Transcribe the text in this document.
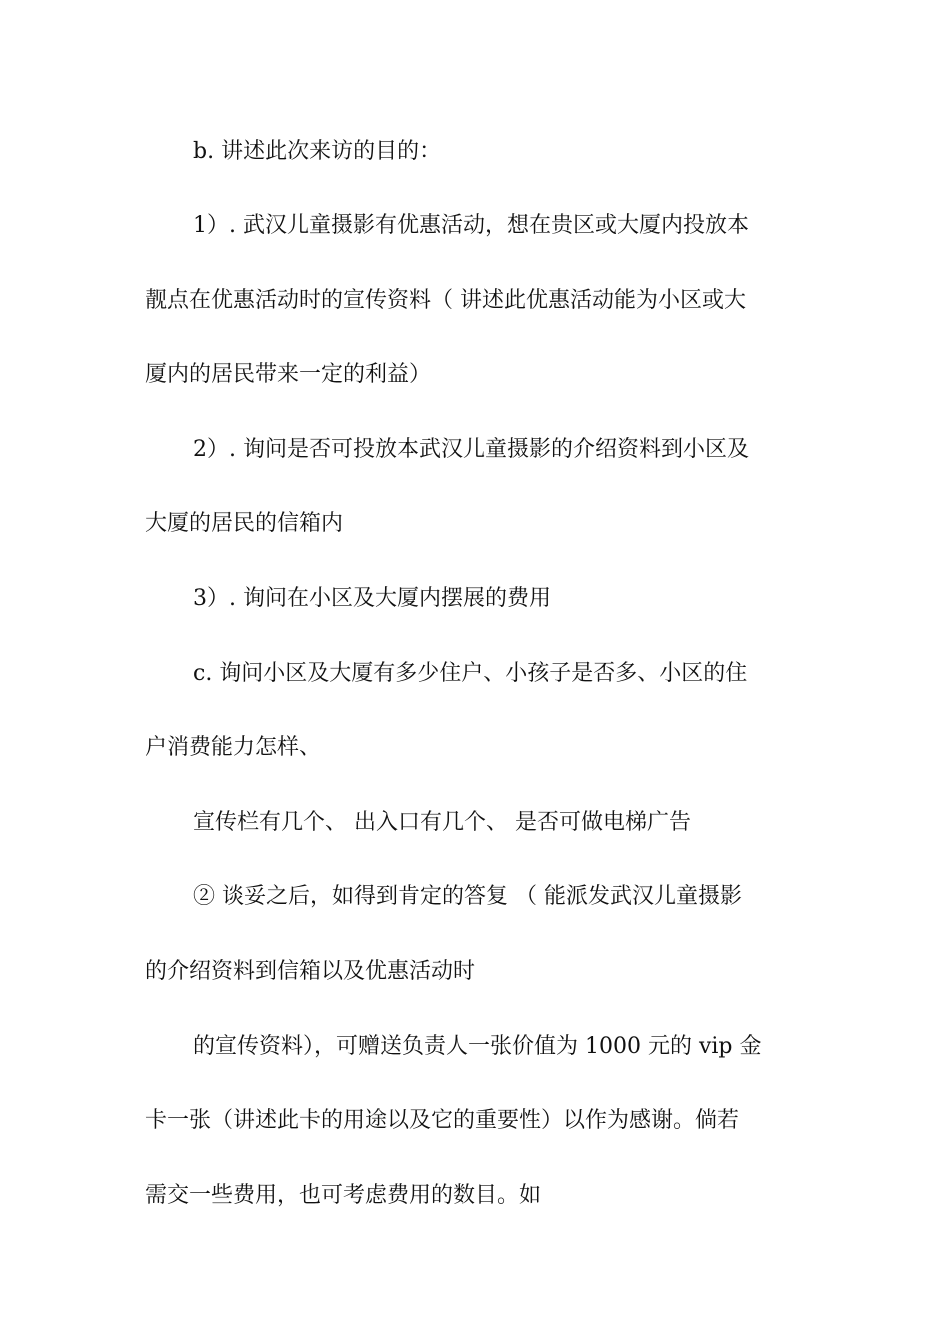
b. 讲述此次来访的目的：
1）. 武汉儿童摄影有优惠活动，想在贵区或大厦内投放本
靓点在优惠活动时的宣传资料（ 讲述此优惠活动能为小区或大
厦内的居民带来一定的利益）
2）. 询问是否可投放本武汉儿童摄影的介绍资料到小区及
大厦的居民的信箱内
3）. 询问在小区及大厦内摆展的费用
c. 询问小区及大厦有多少住户、小孩子是否多、小区的住
户消费能力怎样、
宣传栏有几个、 出入口有几个、 是否可做电梯广告
② 谈妥之后，如得到肯定的答复 （ 能派发武汉儿童摄影
的介绍资料到信箱以及优惠活动时
的宣传资料），可赠送负责人一张价值为 1000 元的 vip 金
卡一张（讲述此卡的用途以及它的重要性）以作为感谢。倘若
需交一些费用，也可考虑费用的数目。如
